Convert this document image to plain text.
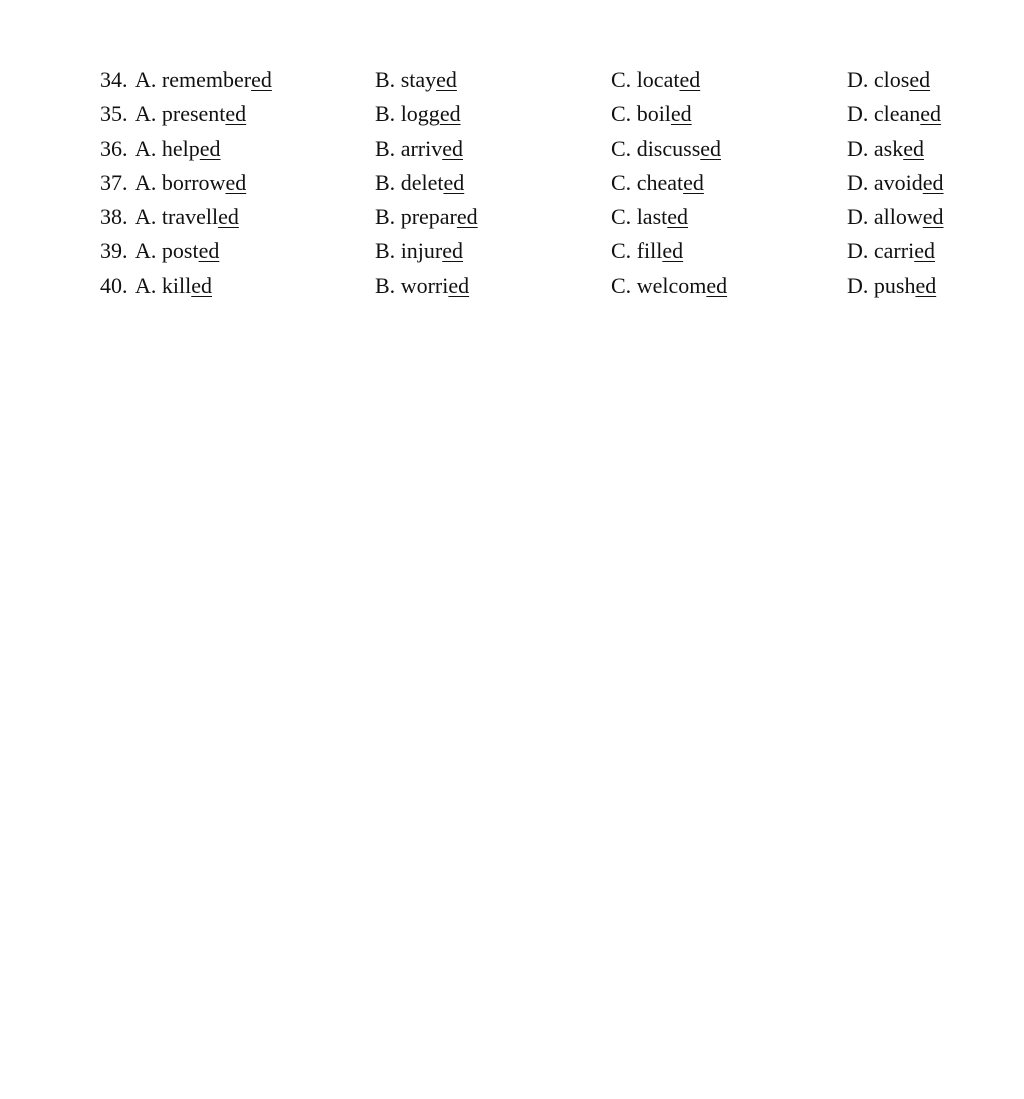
34. A. remembered	B. stayed	C. located	D. closed
35. A. presented	B. logged	C. boiled	D. cleaned
36. A. helped	B. arrived	C. discussed	D. asked
37. A. borrowed	B. deleted	C. cheated	D. avoided
38. A. travelled	B. prepared	C. lasted	D. allowed
39. A. posted	B. injured	C. filled	D. carried
40. A. killed	B. worried	C. welcomed	D. pushed
